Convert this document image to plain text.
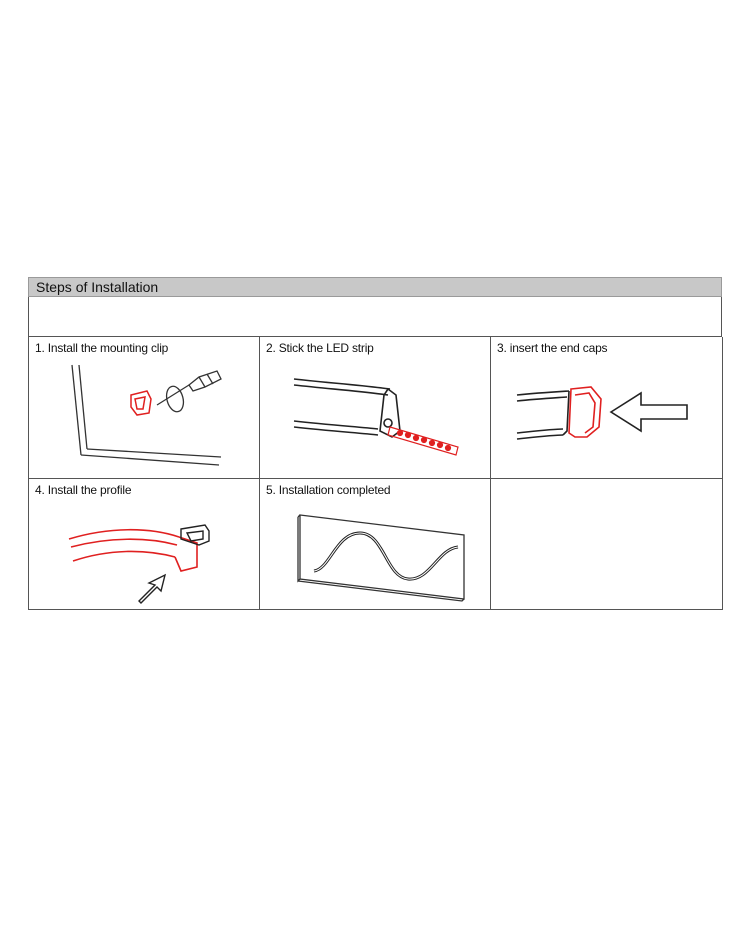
Steps of Installation
1. Install the mounting clip	2. Stick the LED strip	3. insert the end caps
4. Install the profile	5. Installation completed
